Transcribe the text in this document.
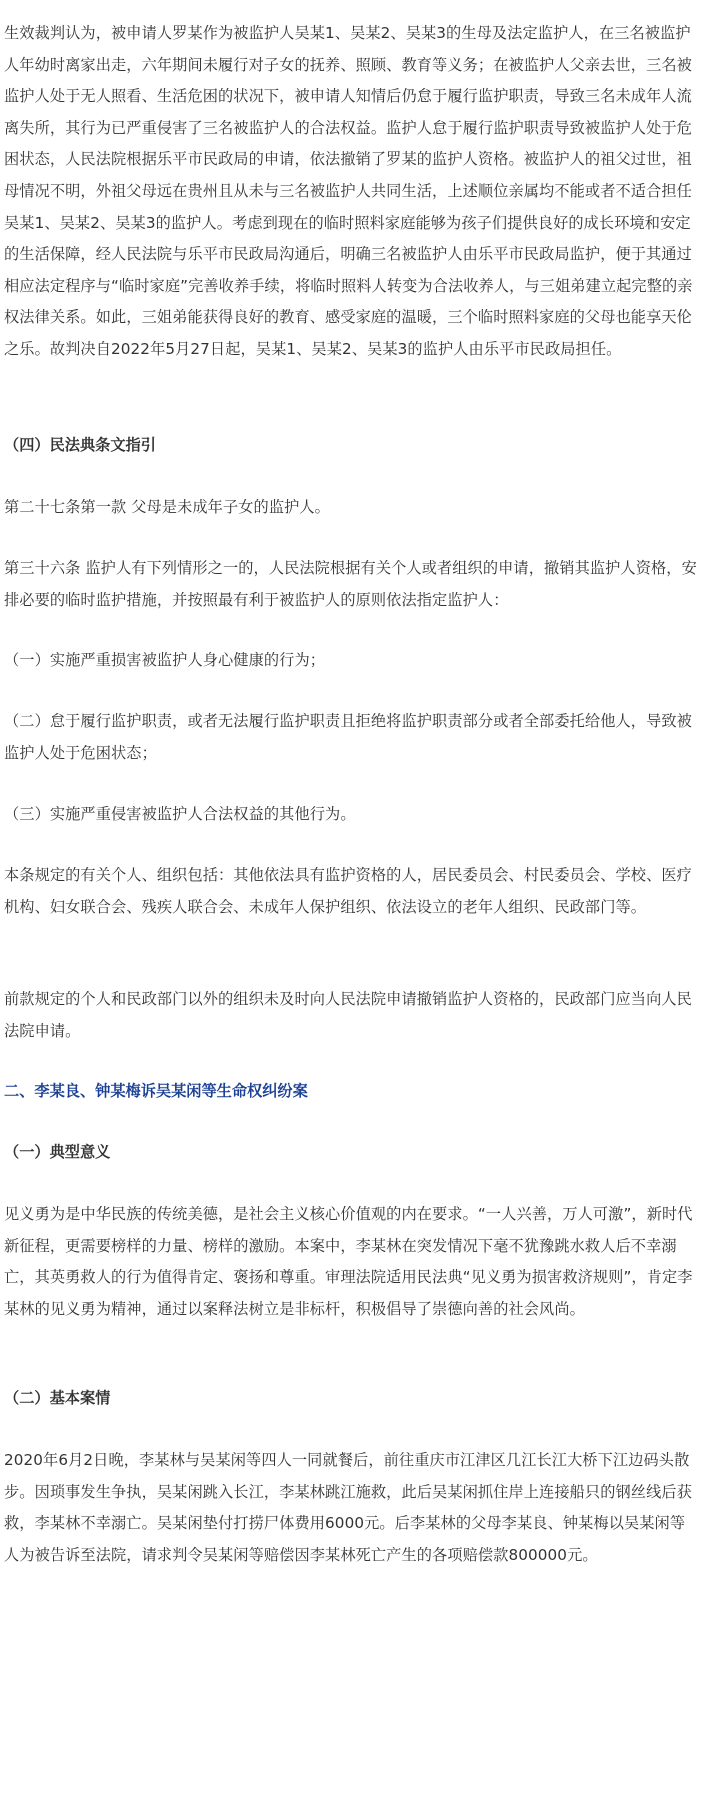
生效裁判认为，被申请人罗某作为被监护人吴某1、吴某2、吴某3的生母及法定监护人，在三名被监护人年幼时离家出走，六年期间未履行对子女的抚养、照顾、教育等义务；在被监护人父亲去世，三名被监护人处于无人照看、生活危困的状况下，被申请人知情后仍怠于履行监护职责，导致三名未成年人流离失所，其行为已严重侵害了三名被监护人的合法权益。监护人怠于履行监护职责导致被监护人处于危困状态，人民法院根据乐平市民政局的申请，依法撤销了罗某的监护人资格。被监护人的祖父过世，祖母情况不明，外祖父母远在贵州且从未与三名被监护人共同生活，上述顺位亲属均不能或者不适合担任吴某1、吴某2、吴某3的监护人。考虑到现在的临时照料家庭能够为孩子们提供良好的成长环境和安定的生活保障，经人民法院与乐平市民政局沟通后，明确三名被监护人由乐平市民政局监护，便于其通过相应法定程序与“临时家庭”完善收养手续，将临时照料人转变为合法收养人，与三姐弟建立起完整的亲权法律关系。如此，三姐弟能获得良好的教育、感受家庭的温暖，三个临时照料家庭的父母也能享天伦之乐。故判决自2022年5月27日起，吴某1、吴某2、吴某3的监护人由乐平市民政局担任。

（四）民法典条文指引

第二十七条第一款 父母是未成年子女的监护人。

第三十六条 监护人有下列情形之一的，人民法院根据有关个人或者组织的申请，撤销其监护人资格，安排必要的临时监护措施，并按照最有利于被监护人的原则依法指定监护人：

（一）实施严重损害被监护人身心健康的行为；

（二）怠于履行监护职责，或者无法履行监护职责且拒绝将监护职责部分或者全部委托给他人，导致被监护人处于危困状态；

（三）实施严重侵害被监护人合法权益的其他行为。

本条规定的有关个人、组织包括：其他依法具有监护资格的人，居民委员会、村民委员会、学校、医疗机构、妇女联合会、残疾人联合会、未成年人保护组织、依法设立的老年人组织、民政部门等。

前款规定的个人和民政部门以外的组织未及时向人民法院申请撤销监护人资格的，民政部门应当向人民法院申请。

二、李某良、钟某梅诉吴某闲等生命权纠纷案

（一）典型意义

见义勇为是中华民族的传统美德，是社会主义核心价值观的内在要求。“一人兴善，万人可激”，新时代新征程，更需要榜样的力量、榜样的激励。本案中，李某林在突发情况下毫不犹豫跳水救人后不幸溺亡，其英勇救人的行为值得肯定、褒扬和尊重。审理法院适用民法典“见义勇为损害救济规则”，肯定李某林的见义勇为精神，通过以案释法树立是非标杆，积极倡导了崇德向善的社会风尚。

（二）基本案情

2020年6月2日晚，李某林与吴某闲等四人一同就餐后，前往重庆市江津区几江长江大桥下江边码头散步。因琐事发生争执，吴某闲跳入长江，李某林跳江施救，此后吴某闲抓住岸上连接船只的钢丝线后获救，李某林不幸溺亡。吴某闲垫付打捞尸体费用6000元。后李某林的父母李某良、钟某梅以吴某闲等人为被告诉至法院，请求判令吴某闲等赔偿因李某林死亡产生的各项赔偿款800000元。
